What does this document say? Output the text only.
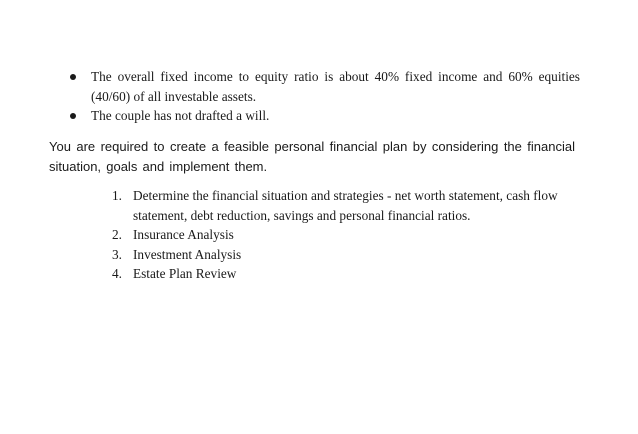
The overall fixed income to equity ratio is about 40% fixed income and 60% equities (40/60) of all investable assets.
The couple has not drafted a will.

You are required to create a feasible personal financial plan by considering the financial situation, goals and implement them.

1. Determine the financial situation and strategies - net worth statement, cash flow statement, debt reduction, savings and personal financial ratios.
2. Insurance Analysis
3. Investment Analysis
4. Estate Plan Review
